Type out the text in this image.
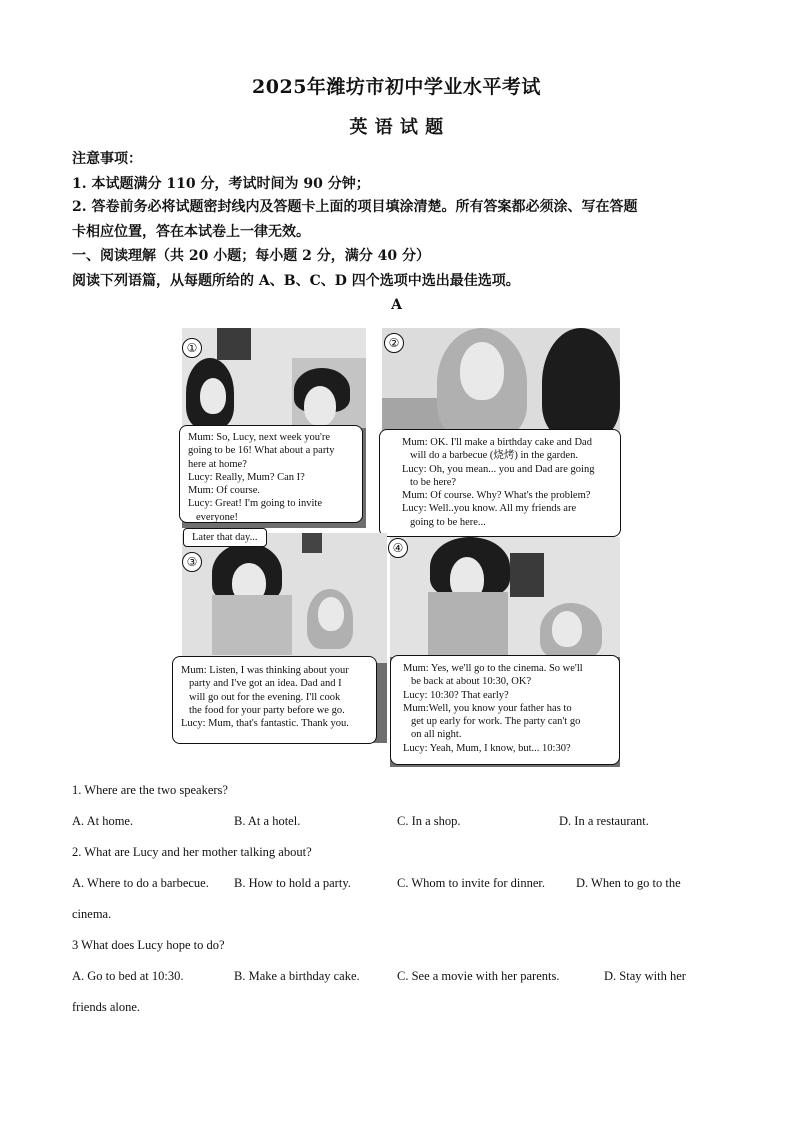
2025年潍坊市初中学业水平考试
英 语 试 题
注意事项：
1. 本试题满分 110 分，考试时间为 90 分钟；
2. 答卷前务必将试题密封线内及答题卡上面的项目填涂清楚。所有答案都必须涂、写在答题
卡相应位置，答在本试卷上一律无效。
一、阅读理解（共 20 小题；每小题 2 分，满分 40 分）
阅读下列语篇，从每题所给的 A、B、C、D 四个选项中选出最佳选项。
A
①
Mum: So, Lucy, next week you're
going to be 16! What about a party
here at home?
Lucy: Really, Mum? Can I?
Mum: Of course.
Lucy: Great! I'm going to invite
everyone!
②
Mum: OK. I'll make a birthday cake and Dad
will do a barbecue (烧烤) in the garden.
Lucy: Oh, you mean... you and Dad are going
to be here?
Mum: Of course. Why? What's the problem?
Lucy: Well..you know. All my friends are
going to be here...
Later that day...
③
Mum: Listen, I was thinking about your
party and I've got an idea. Dad and I
will go out for the evening. I'll cook
the food for your party before we go.
Lucy: Mum, that's fantastic. Thank you.
④
Mum: Yes, we'll go to the cinema. So we'll
be back at about 10:30, OK?
Lucy: 10:30? That early?
Mum:Well, you know your father has to
get up early for work. The party can't go
on all night.
Lucy: Yeah, Mum, I know, but... 10:30?
1. Where are the two speakers?
A. At home.	B. At a hotel.	C. In a shop.	D. In a restaurant.
2. What are Lucy and her mother talking about?
A. Where to do a barbecue. B. How to hold a party.	C. Whom to invite for dinner. D. When to go to the
cinema.
3 What does Lucy hope to do?
A. Go to bed at 10:30.	B. Make a birthday cake.	C. See a movie with her parents.	D. Stay with her
friends alone.
